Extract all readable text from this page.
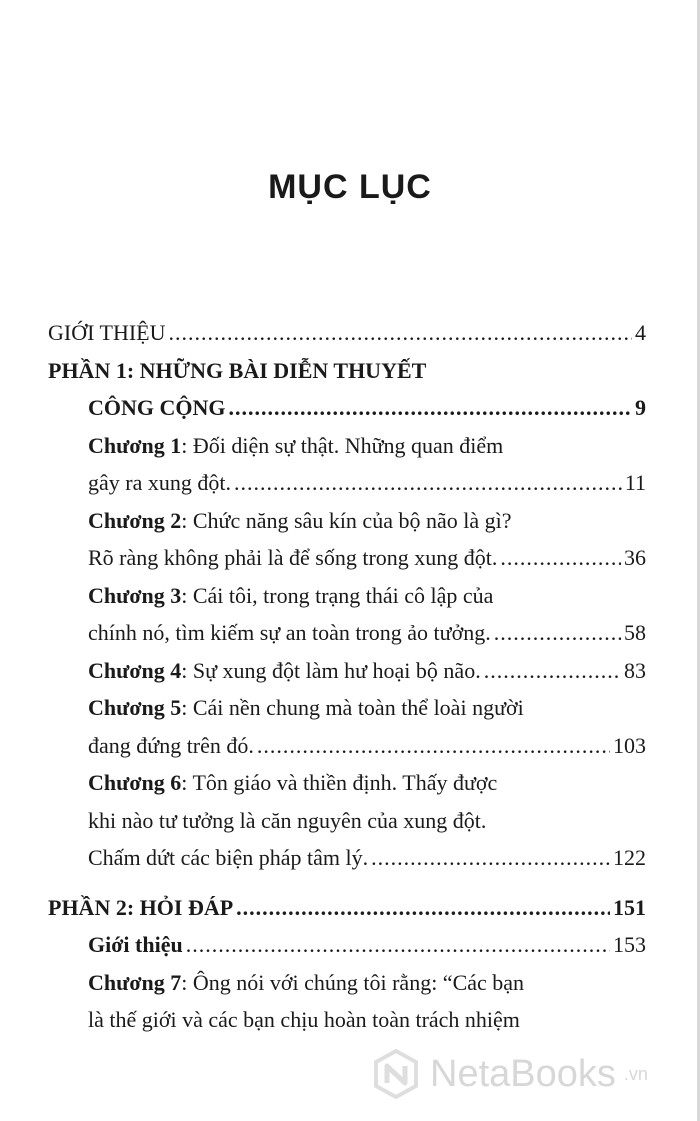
MỤC LỤC
GIỚI THIỆU .....	4
PHẦN 1: NHỮNG BÀI DIỄN THUYẾT
CÔNG CỘNG .....	9
Chương 1: Đối diện sự thật. Những quan điểm
gây ra xung đột. .....	11
Chương 2: Chức năng sâu kín của bộ não là gì?
Rõ ràng không phải là để sống trong xung đột. .....	36
Chương 3: Cái tôi, trong trạng thái cô lập của
chính nó, tìm kiếm sự an toàn trong ảo tưởng. .....	58
Chương 4: Sự xung đột làm hư hoại bộ não. .....	83
Chương 5: Cái nền chung mà toàn thể loài người
đang đứng trên đó. .....	103
Chương 6: Tôn giáo và thiền định. Thấy được
khi nào tư tưởng là căn nguyên của xung đột.
Chấm dứt các biện pháp tâm lý. .....	122
PHẦN 2: HỎI ĐÁP .....	151
Giới thiệu .....	153
Chương 7: Ông nói với chúng tôi rằng: “Các bạn
là thế giới và các bạn chịu hoàn toàn trách nhiệm
NetaBooks .vn
